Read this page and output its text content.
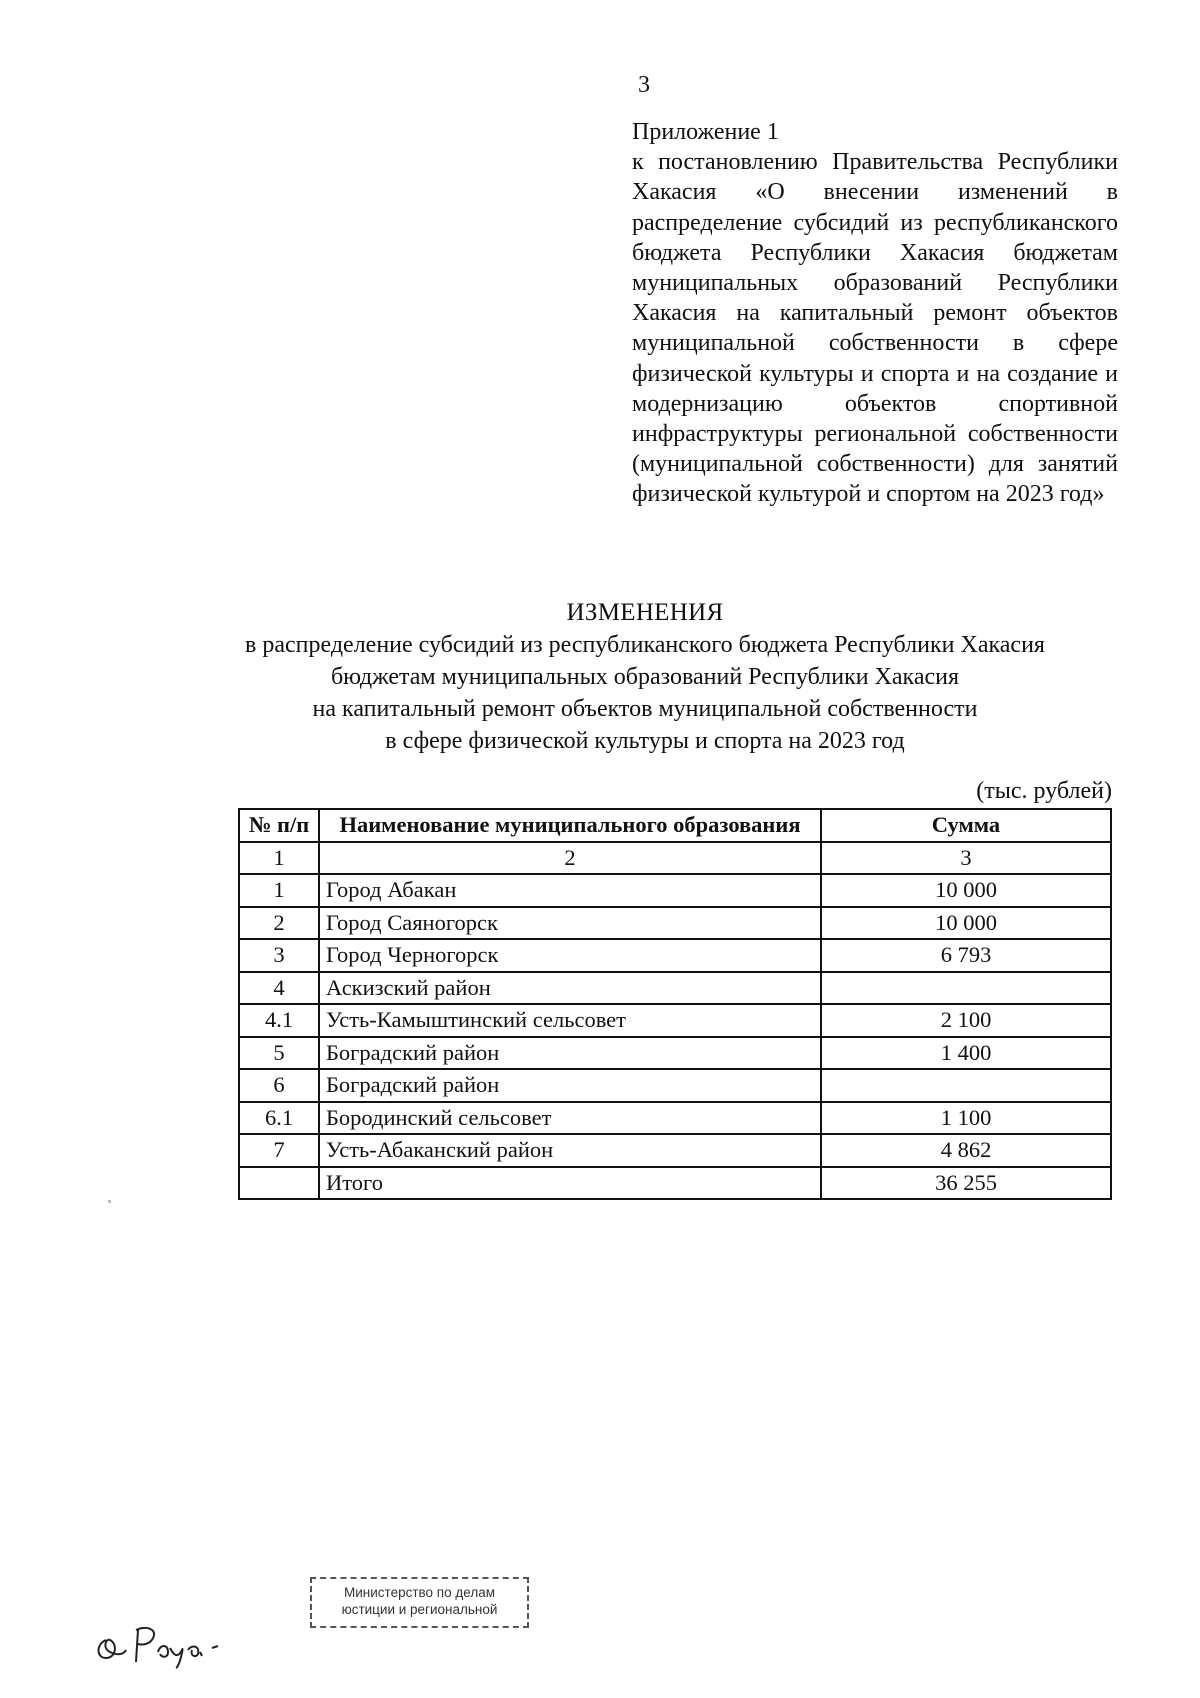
3
Приложение 1
к постановлению Правительства Республики Хакасия «О внесении изменений в распределение субсидий из республиканского бюджета Республики Хакасия бюджетам муниципальных образований Республики Хакасия на капитальный ремонт объектов муниципальной собственности в сфере физической культуры и спорта и на создание и модернизацию объектов спортивной инфраструктуры региональной собственности (муниципальной собственности) для занятий физической культурой и спортом на 2023 год»
ИЗМЕНЕНИЯ
в распределение субсидий из республиканского бюджета Республики Хакасия
бюджетам муниципальных образований Республики Хакасия
на капитальный ремонт объектов муниципальной собственности
в сфере физической культуры и спорта на 2023 год
(тыс. рублей)
№ п/п	Наименование муниципального образования	Сумма
1	2	3
1	Город Абакан	10 000
2	Город Саяногорск	10 000
3	Город Черногорск	6 793
4	Аскизский район	
4.1	Усть-Камыштинский сельсовет	2 100
5	Боградский район	1 400
6	Боградский район	
6.1	Бородинский сельсовет	1 100
7	Усть-Абаканский район	4 862
	Итого	36 255
Министерство по делам
юстиции и региональной
